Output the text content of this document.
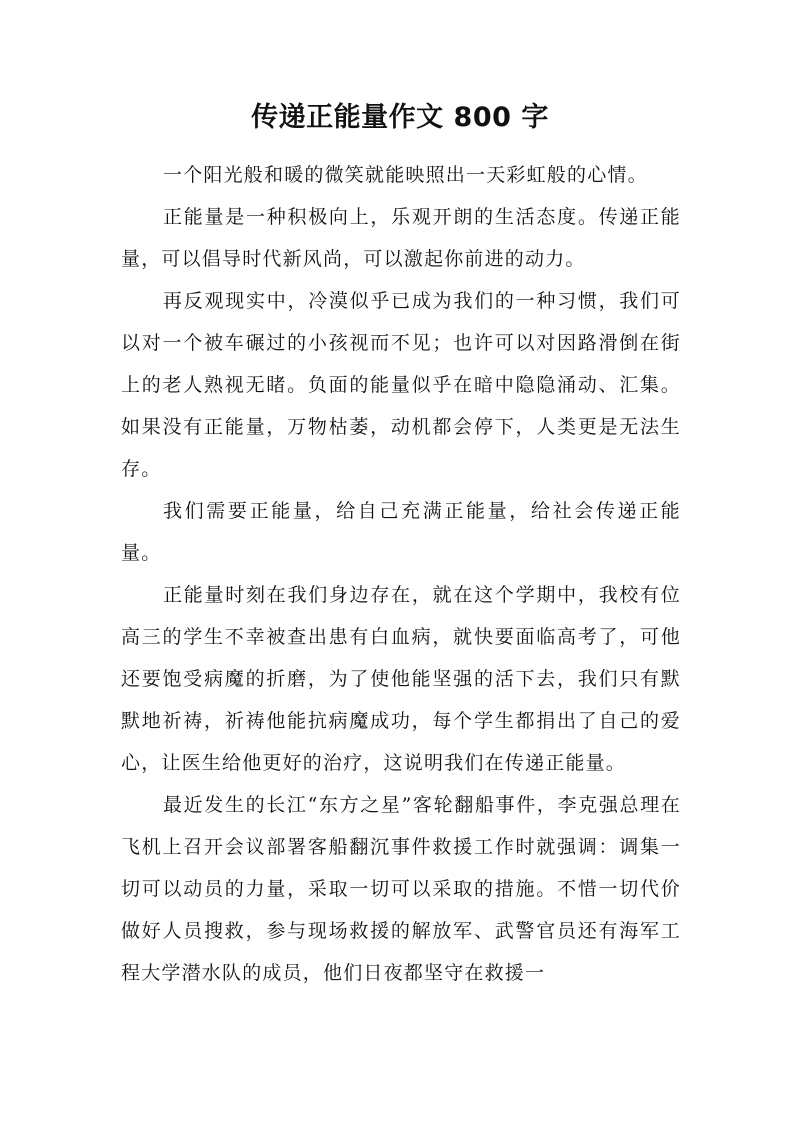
传递正能量作文 800 字

一个阳光般和暖的微笑就能映照出一天彩虹般的心情。

正能量是一种积极向上，乐观开朗的生活态度。传递正能量，可以倡导时代新风尚，可以激起你前进的动力。

再反观现实中，冷漠似乎已成为我们的一种习惯，我们可以对一个被车碾过的小孩视而不见；也许可以对因路滑倒在街上的老人熟视无睹。负面的能量似乎在暗中隐隐涌动、汇集。如果没有正能量，万物枯萎，动机都会停下，人类更是无法生存。

我们需要正能量，给自己充满正能量，给社会传递正能量。

正能量时刻在我们身边存在，就在这个学期中，我校有位高三的学生不幸被查出患有白血病，就快要面临高考了，可他还要饱受病魔的折磨，为了使他能坚强的活下去，我们只有默默地祈祷，祈祷他能抗病魔成功，每个学生都捐出了自己的爱心，让医生给他更好的治疗，这说明我们在传递正能量。

最近发生的长江“东方之星”客轮翻船事件，李克强总理在飞机上召开会议部署客船翻沉事件救援工作时就强调：调集一切可以动员的力量，采取一切可以采取的措施。不惜一切代价做好人员搜救，参与现场救援的解放军、武警官员还有海军工程大学潜水队的成员，他们日夜都坚守在救援一
